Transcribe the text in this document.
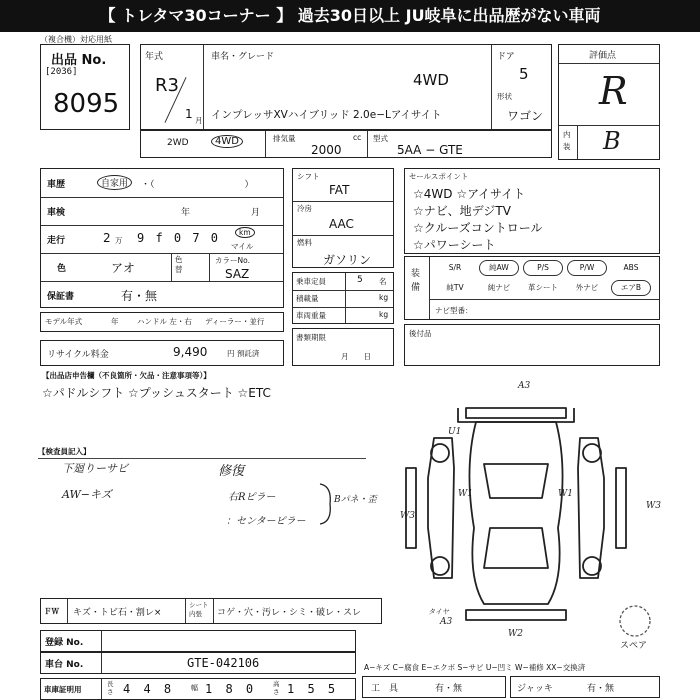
【 トレタマ30コーナー 】 過去30日以上 JU岐阜に出品歴がない車両
（複合機）対応用紙
出品 No.
[2036]
8095
年式
R3
1 月
車名・グレード
4WD
インプレッサXVハイブリッド 2.0e−Lアイサイト
ドア
5
形状
ワゴン
評価点
R
内装 B
2WD	4WD	排気量	cc
2000
型式
5AA − GTE
車歴	自家用	・（　　　　　　　　　　）
車検	年	月
走行	2 万 9 f 0 7 0	km
マイル
色	アオ
色替
カラーNo.
SAZ
保証書	有・無
モデル年式	年 ハンドル 左・右 ディーラー・並行
リサイクル料金	9,490	円 預託済
シフト
FAT
冷房
AAC
燃料
ガソリン
乗車定員	5 名
積載量	kg
車両重量	kg
書類期限
月　　日
セールスポイント
☆4WD ☆アイサイト
☆ナビ、地デジTV
☆クルーズコントロール
☆パワーシート
装備
S/R	純AW	P/S	P/W	ABS
純TV	純ナビ	革シート	外ナビ	エアB
ナビ型番：
後付品
【出品店申告欄（不良箇所・欠品・注意事項等）】
☆パドルシフト ☆プッシュスタート ☆ETC
【検査員記入】
下廻りーサビ
AW−キズ
修復
右Rピラー
：センターピラー
Bパネ・歪
A3
U1
W3
W1	W1
W2
W3
A3
タイヤ
スペア
ＦＷ キズ・トビ石・割レ×
シート内張	コゲ・穴・汚レ・シミ・破レ・スレ
登録 No.
車台 No.	GTE-042106
車庫証明用
長さ 4 4 8 幅 1 8 0	高さ 1 5 5
A−キズ C−腐食 E−エクボ S−サビ U−凹ミ W−補修 XX−交換済
工　具	有・無	ジャッキ	有・無
